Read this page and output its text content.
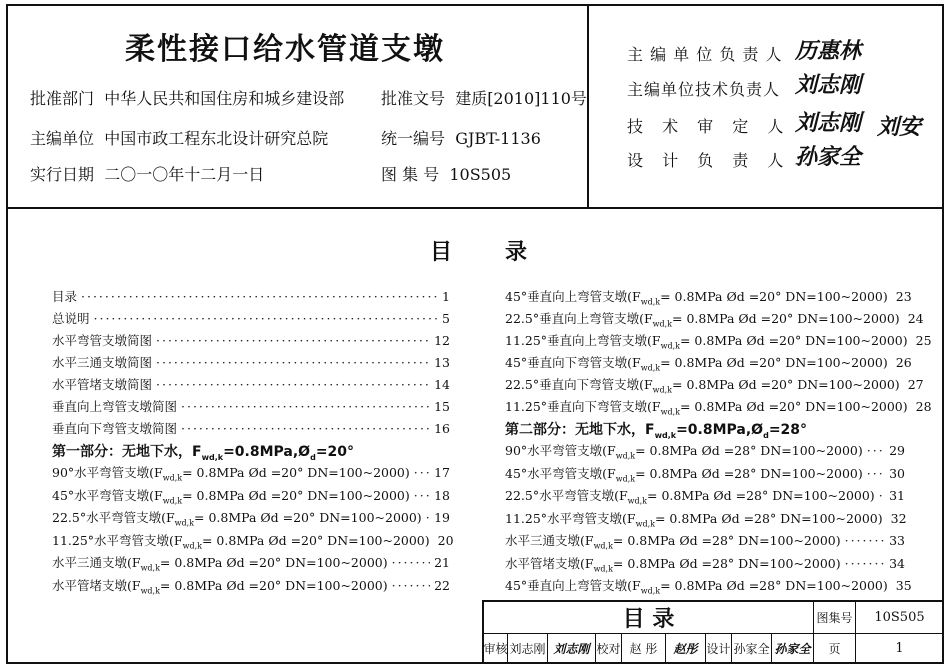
柔性接口给水管道支墩
批准部门 中华人民共和国住房和城乡建设部 批准文号 建质[2010]110号
主编单位 中国市政工程东北设计研究总院	统一编号 GJBT-1136
实行日期 二〇一〇年十二月一日	图 集 号 10S505
主 编 单 位 负 责 人 历惠林
主编单位技术负责人 刘志刚
技 术 审 定 人 刘志刚 刘安
设 计 负 责 人 孙家全
目 录
目录 ·····	1
总说明 ·····	5
水平弯管支墩简图 ·····	12
水平三通支墩简图 ·····	13
水平管堵支墩简图 ·····	14
垂直向上弯管支墩简图 ·····	15
垂直向下弯管支墩简图 ·····	16
第一部分：无地下水，$F_{wd,k}=0.8MPa,Ø_d=20^\circ$
90°水平弯管支墩($F_{wd,k}= 0.8MPa$ Ød =20° DN=100~2000) ····· 17
45°水平弯管支墩($F_{wd,k}= 0.8MPa$ Ød =20° DN=100~2000) ····· 18
22.5°水平弯管支墩($F_{wd,k}= 0.8MPa$ Ød =20° DN=100~2000) ····· 19
11.25°水平弯管支墩($F_{wd,k}= 0.8MPa$ Ød =20° DN=100~2000) 20
水平三通支墩($F_{wd,k}= 0.8MPa$ Ød =20° DN=100~2000) ·····	21
水平管堵支墩($F_{wd,k}= 0.8MPa$ Ød =20° DN=100~2000) ·····	22
45°垂直向上弯管支墩($F_{wd,k}= 0.8MPa$ Ød =20° DN=100~2000) 23
22.5°垂直向上弯管支墩($F_{wd,k}= 0.8MPa$ Ød =20° DN=100~2000) 24
11.25°垂直向上弯管支墩($F_{wd,k}= 0.8MPa$ Ød =20° DN=100~2000) 25
45°垂直向下弯管支墩($F_{wd,k}= 0.8MPa$ Ød =20° DN=100~2000) 26
22.5°垂直向下弯管支墩($F_{wd,k}= 0.8MPa$ Ød =20° DN=100~2000) 27
11.25°垂直向下弯管支墩($F_{wd,k}= 0.8MPa$ Ød =20° DN=100~2000) 28
第二部分：无地下水，$F_{wd,k}=0.8MPa,Ø_d=28^\circ$
90°水平弯管支墩($F_{wd,k}= 0.8MPa$ Ød =28° DN=100~2000) ····· 29
45°水平弯管支墩($F_{wd,k}= 0.8MPa$ Ød =28° DN=100~2000) ····· 30
22.5°水平弯管支墩($F_{wd,k}= 0.8MPa$ Ød =28° DN=100~2000) ····· 31
11.25°水平弯管支墩($F_{wd,k}= 0.8MPa$ Ød =28° DN=100~2000) 32
水平三通支墩($F_{wd,k}= 0.8MPa$ Ød =28° DN=100~2000) ·····	33
水平管堵支墩($F_{wd,k}= 0.8MPa$ Ød =28° DN=100~2000) ·····	34
45°垂直向上弯管支墩($F_{wd,k}= 0.8MPa$ Ød =28° DN=100~2000) 35
目 录	图集号	10S505
审核 刘志刚 刘志刚 校对 赵 彤	赵彤 设计 孙家全 孙家全	页	1
